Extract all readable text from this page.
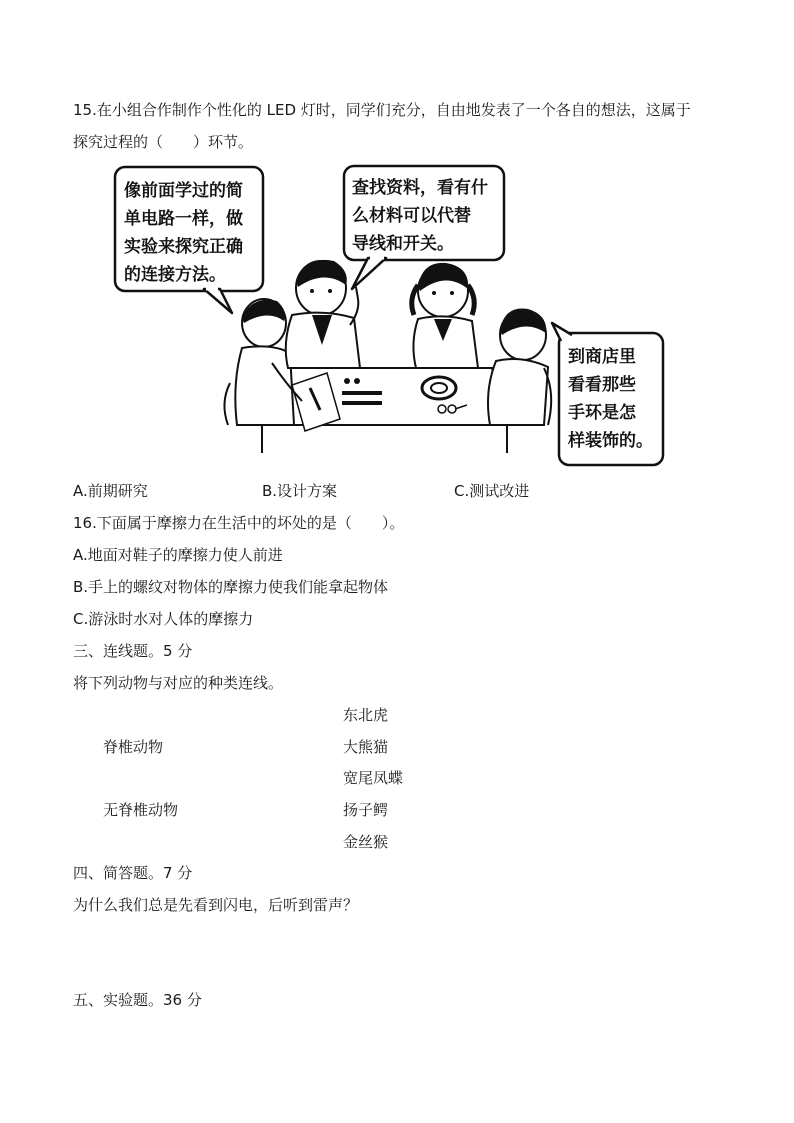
15.在小组合作制作个性化的 LED 灯时，同学们充分，自由地发表了一个各自的想法，这属于
探究过程的（　　）环节。
像前面学过的简
单电路一样，做
实验来探究正确
的连接方法。
查找资料，看有什
么材料可以代替
导线和开关。
到商店里
看看那些
手环是怎
样装饰的。
A.前期研究	B.设计方案	C.测试改进
16.下面属于摩擦力在生活中的坏处的是（　　）。
A.地面对鞋子的摩擦力使人前进
B.手上的螺纹对物体的摩擦力使我们能拿起物体
C.游泳时水对人体的摩擦力
三、连线题。5 分
将下列动物与对应的种类连线。
脊椎动物
无脊椎动物
东北虎
大熊猫
宽尾凤蝶
扬子鳄
金丝猴
四、简答题。7 分
为什么我们总是先看到闪电，后听到雷声？
五、实验题。36 分
